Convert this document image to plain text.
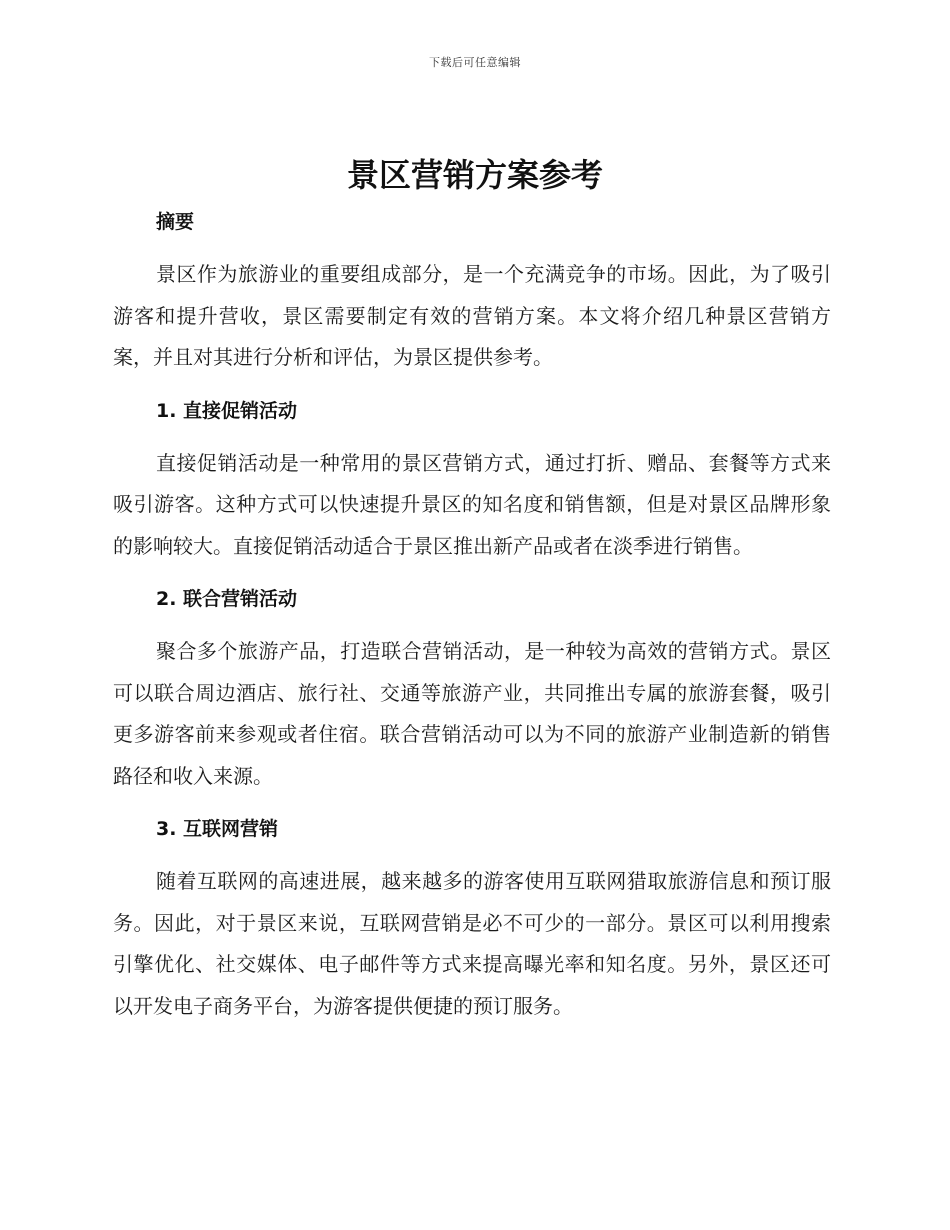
下载后可任意编辑
景区营销方案参考
摘要

景区作为旅游业的重要组成部分，是一个充满竞争的市场。因此，为了吸引游客和提升营收，景区需要制定有效的营销方案。本文将介绍几种景区营销方案，并且对其进行分析和评估，为景区提供参考。

1. 直接促销活动

直接促销活动是一种常用的景区营销方式，通过打折、赠品、套餐等方式来吸引游客。这种方式可以快速提升景区的知名度和销售额，但是对景区品牌形象的影响较大。直接促销活动适合于景区推出新产品或者在淡季进行销售。

2. 联合营销活动

聚合多个旅游产品，打造联合营销活动，是一种较为高效的营销方式。景区可以联合周边酒店、旅行社、交通等旅游产业，共同推出专属的旅游套餐，吸引更多游客前来参观或者住宿。联合营销活动可以为不同的旅游产业制造新的销售路径和收入来源。

3. 互联网营销

随着互联网的高速进展，越来越多的游客使用互联网猎取旅游信息和预订服务。因此，对于景区来说，互联网营销是必不可少的一部分。景区可以利用搜索引擎优化、社交媒体、电子邮件等方式来提高曝光率和知名度。另外，景区还可以开发电子商务平台，为游客提供便捷的预订服务。
